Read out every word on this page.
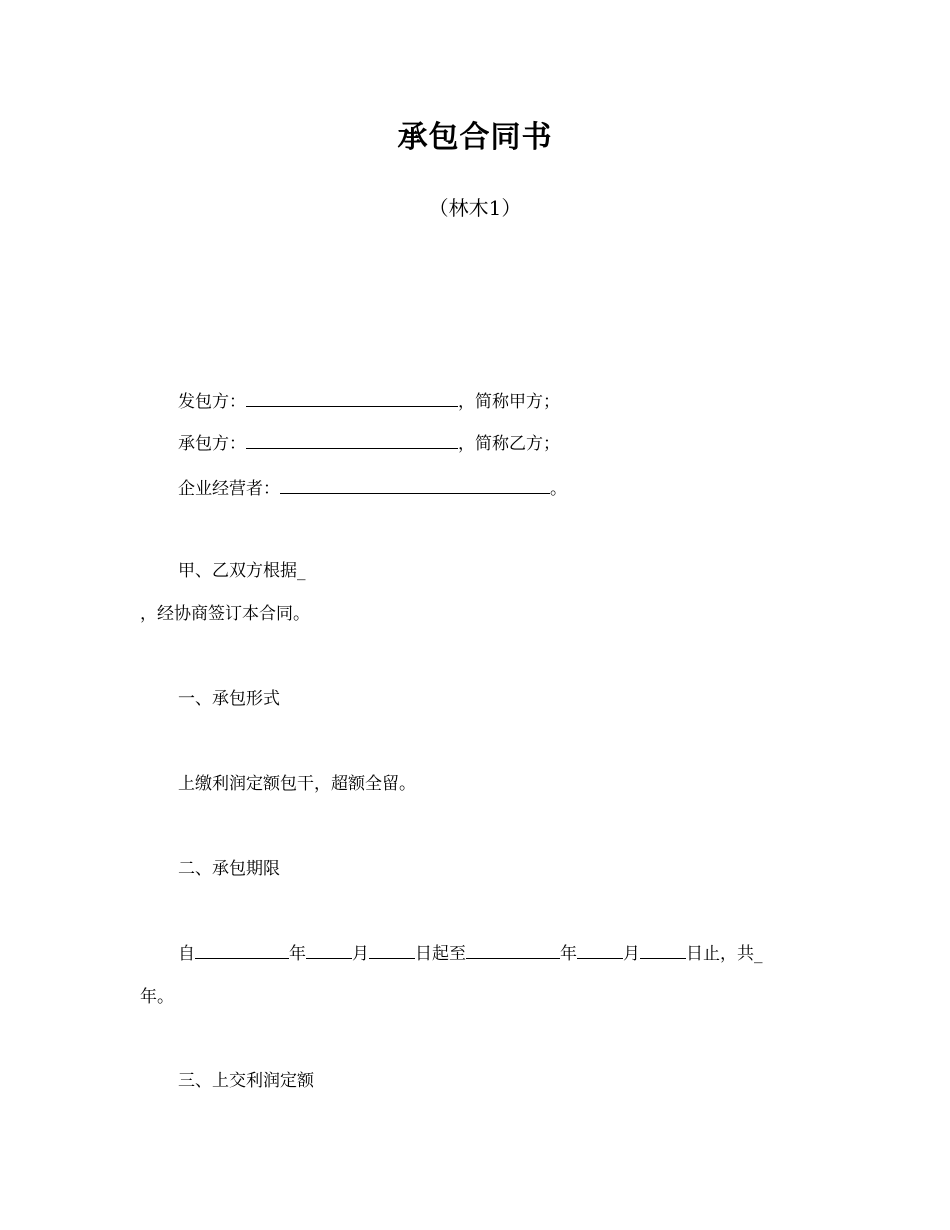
承包合同书
（林木1）
发包方：	，简称甲方；
承包方：	，简称乙方；
企业经营者：	。
甲、乙双方根据_
，经协商签订本合同。
一、承包形式
上缴利润定额包干，超额全留。
二、承包期限
自	年	月	日起至	年	月	日止，共_
年。
三、上交利润定额
